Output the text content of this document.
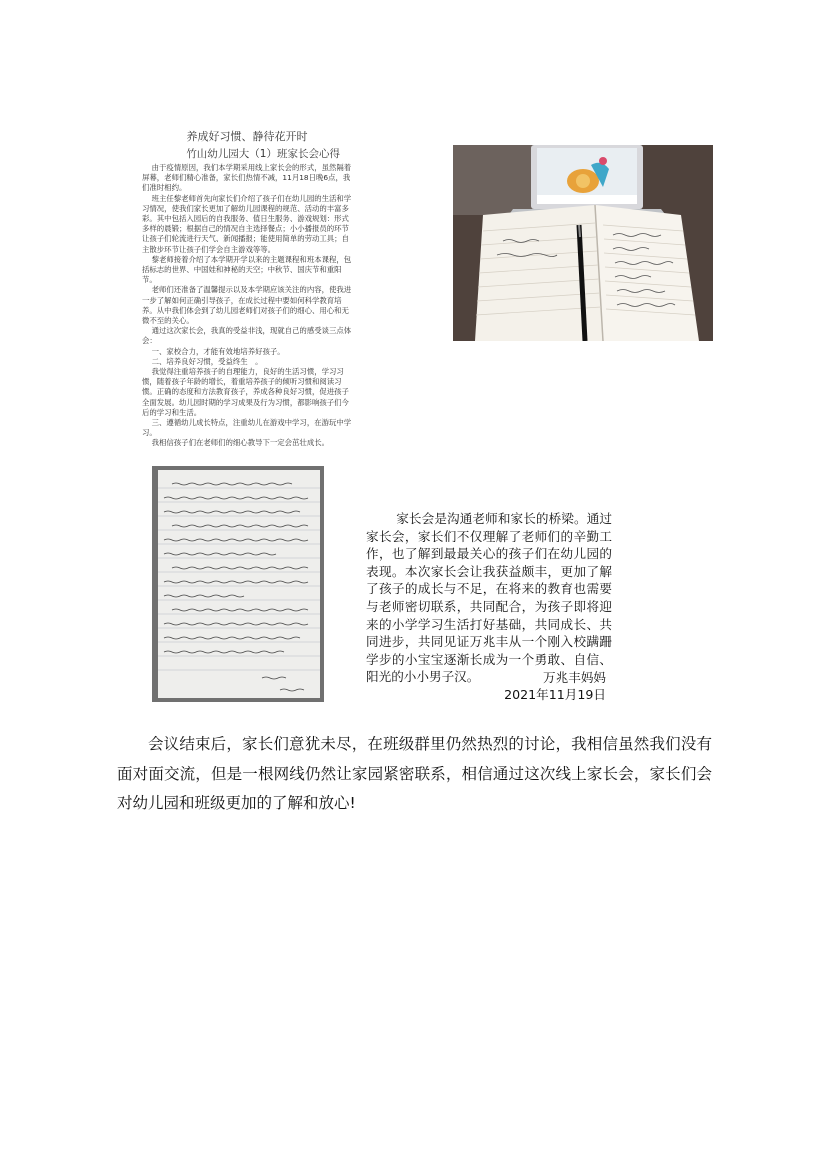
养成好习惯、静待花开时
竹山幼儿园大（1）班家长会心得

由于疫情原因，我们本学期采用线上家长会的形式，虽然隔着屏幕，老师们精心准备，家长们热情不减，11月18日晚6点，我们准时相约。

班主任黎老师首先向家长们介绍了孩子们在幼儿园的生活和学习情况，使我们家长更加了解幼儿园课程的规范、活动的丰富多彩。其中包括入园后的自我服务、值日生服务、游戏规划：形式多样的晨锻；根据自己的情况自主选择餐点；小小播报员的环节让孩子们轮流进行天气、新闻播报；能使用简单的劳动工具；自主散步环节让孩子们学会自主游戏等等。

黎老师接着介绍了本学期开学以来的主题课程和班本课程，包括标志的世界、中国娃和神秘的天空；中秋节、国庆节和重阳节。

老师们还准备了温馨提示以及本学期应该关注的内容，使我进一步了解如何正确引导孩子，在成长过程中要如何科学教育培养。从中我们体会到了幼儿园老师们对孩子们的细心、用心和无微不至的关心。

通过这次家长会，我真的受益非浅，现就自己的感受谈三点体会：

一、家校合力，才能有效地培养好孩子。

二、培养良好习惯，受益终生　。

我觉得注重培养孩子的自理能力，良好的生活习惯，学习习惯，随着孩子年龄的增长，着重培养孩子的倾听习惯和阅读习惯。正确的态度和方法教育孩子，养成各种良好习惯，促进孩子全面发展。幼儿园时期的学习成果及行为习惯，都影响孩子们今后的学习和生活。

三、遵循幼儿成长特点，注重幼儿在游戏中学习，在游玩中学习。

我相信孩子们在老师们的细心教导下一定会茁壮成长。

家长会是沟通老师和家长的桥梁。通过家长会，家长们不仅理解了老师们的辛勤工作，也了解到最最关心的孩子们在幼儿园的表现。本次家长会让我获益颇丰，更加了解了孩子的成长与不足，在将来的教育也需要与老师密切联系，共同配合，为孩子即将迎来的小学学习生活打好基础，共同成长、共同进步，共同见证万兆丰从一个刚入校蹒跚学步的小宝宝逐渐长成为一个勇敢、自信、阳光的小小男子汉。	万兆丰妈妈
2021年11月19日

会议结束后，家长们意犹未尽，在班级群里仍然热烈的讨论，我相信虽然我们没有面对面交流，但是一根网线仍然让家园紧密联系，相信通过这次线上家长会，家长们会对幼儿园和班级更加的了解和放心!
